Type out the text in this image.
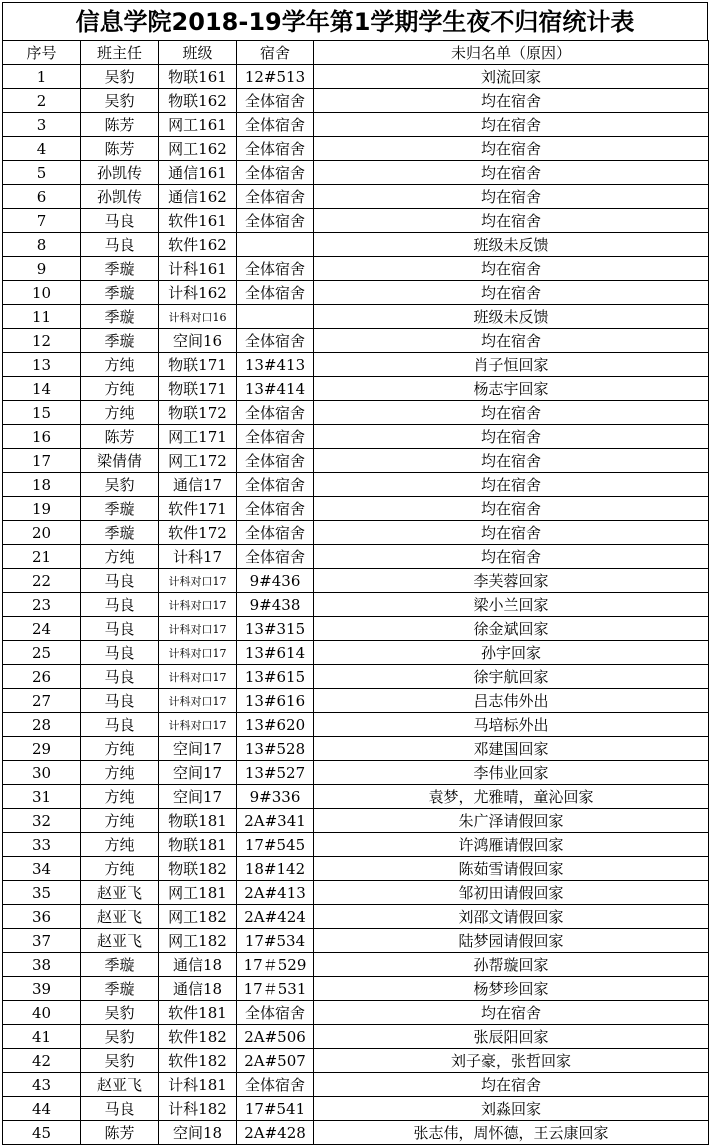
信息学院2018-19学年第1学期学生夜不归宿统计表
序号	班主任	班级	宿舍	未归名单（原因）
1	吴豹	物联161	12#513	刘流回家
2	吴豹	物联162	全体宿舍	均在宿舍
3	陈芳	网工161	全体宿舍	均在宿舍
4	陈芳	网工162	全体宿舍	均在宿舍
5	孙凯传	通信161	全体宿舍	均在宿舍
6	孙凯传	通信162	全体宿舍	均在宿舍
7	马良	软件161	全体宿舍	均在宿舍
8	马良	软件162		班级未反馈
9	季璇	计科161	全体宿舍	均在宿舍
10	季璇	计科162	全体宿舍	均在宿舍
11	季璇	计科对口16		班级未反馈
12	季璇	空间16	全体宿舍	均在宿舍
13	方纯	物联171	13#413	肖子恒回家
14	方纯	物联171	13#414	杨志宇回家
15	方纯	物联172	全体宿舍	均在宿舍
16	陈芳	网工171	全体宿舍	均在宿舍
17	梁倩倩	网工172	全体宿舍	均在宿舍
18	吴豹	通信17	全体宿舍	均在宿舍
19	季璇	软件171	全体宿舍	均在宿舍
20	季璇	软件172	全体宿舍	均在宿舍
21	方纯	计科17	全体宿舍	均在宿舍
22	马良	计科对口17	9#436	李芙蓉回家
23	马良	计科对口17	9#438	梁小兰回家
24	马良	计科对口17	13#315	徐金斌回家
25	马良	计科对口17	13#614	孙宇回家
26	马良	计科对口17	13#615	徐宇航回家
27	马良	计科对口17	13#616	吕志伟外出
28	马良	计科对口17	13#620	马培标外出
29	方纯	空间17	13#528	邓建国回家
30	方纯	空间17	13#527	李伟业回家
31	方纯	空间17	9#336	袁梦，尤雅晴，童沁回家
32	方纯	物联181	2A#341	朱广泽请假回家
33	方纯	物联181	17#545	许鸿雁请假回家
34	方纯	物联182	18#142	陈茹雪请假回家
35	赵亚飞	网工181	2A#413	邹初田请假回家
36	赵亚飞	网工182	2A#424	刘邵文请假回家
37	赵亚飞	网工182	17#534	陆梦园请假回家
38	季璇	通信18	17＃529	孙帮璇回家
39	季璇	通信18	17＃531	杨梦珍回家
40	吴豹	软件181	全体宿舍	均在宿舍
41	吴豹	软件182	2A#506	张辰阳回家
42	吴豹	软件182	2A#507	刘子豪，张哲回家
43	赵亚飞	计科181	全体宿舍	均在宿舍
44	马良	计科182	17#541	刘淼回家
45	陈芳	空间18	2A#428	张志伟，周怀德，王云康回家
